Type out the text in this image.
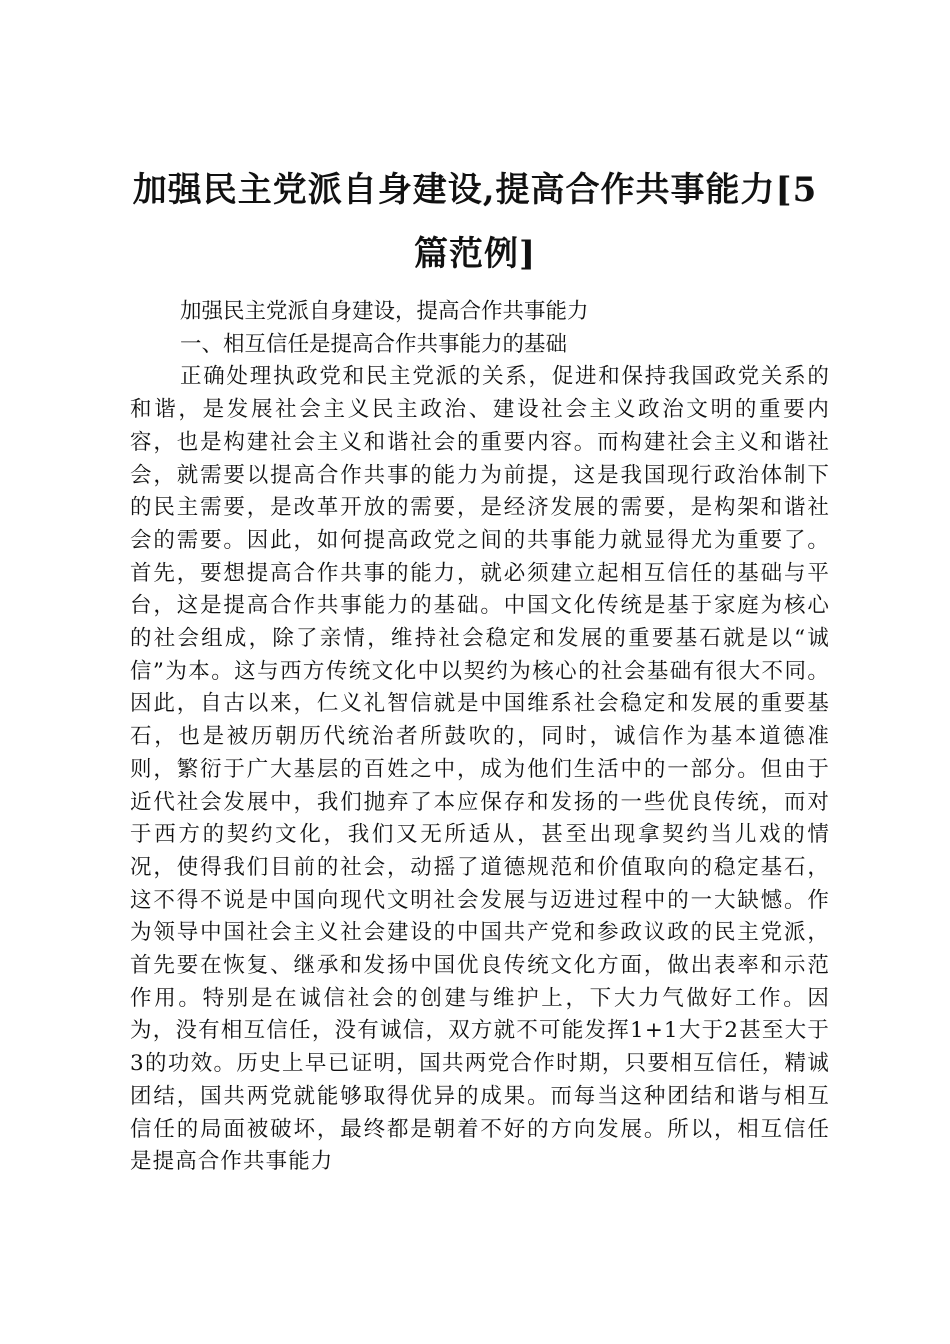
加强民主党派自身建设,提高合作共事能力[5篇范例]

加强民主党派自身建设，提高合作共事能力

一、相互信任是提高合作共事能力的基础

正确处理执政党和民主党派的关系，促进和保持我国政党关系的和谐，是发展社会主义民主政治、建设社会主义政治文明的重要内容，也是构建社会主义和谐社会的重要内容。而构建社会主义和谐社会，就需要以提高合作共事的能力为前提，这是我国现行政治体制下的民主需要，是改革开放的需要，是经济发展的需要，是构架和谐社会的需要。因此，如何提高政党之间的共事能力就显得尤为重要了。首先，要想提高合作共事的能力，就必须建立起相互信任的基础与平台，这是提高合作共事能力的基础。中国文化传统是基于家庭为核心的社会组成，除了亲情，维持社会稳定和发展的重要基石就是以“诚信”为本。这与西方传统文化中以契约为核心的社会基础有很大不同。因此，自古以来，仁义礼智信就是中国维系社会稳定和发展的重要基石，也是被历朝历代统治者所鼓吹的，同时，诚信作为基本道德准则，繁衍于广大基层的百姓之中，成为他们生活中的一部分。但由于近代社会发展中，我们抛弃了本应保存和发扬的一些优良传统，而对于西方的契约文化，我们又无所适从，甚至出现拿契约当儿戏的情况，使得我们目前的社会，动摇了道德规范和价值取向的稳定基石，这不得不说是中国向现代文明社会发展与迈进过程中的一大缺憾。作为领导中国社会主义社会建设的中国共产党和参政议政的民主党派，首先要在恢复、继承和发扬中国优良传统文化方面，做出表率和示范作用。特别是在诚信社会的创建与维护上，下大力气做好工作。因为，没有相互信任，没有诚信，双方就不可能发挥1+1大于2甚至大于3的功效。历史上早已证明，国共两党合作时期，只要相互信任，精诚团结，国共两党就能够取得优异的成果。而每当这种团结和谐与相互信任的局面被破坏，最终都是朝着不好的方向发展。所以，相互信任是提高合作共事能力
